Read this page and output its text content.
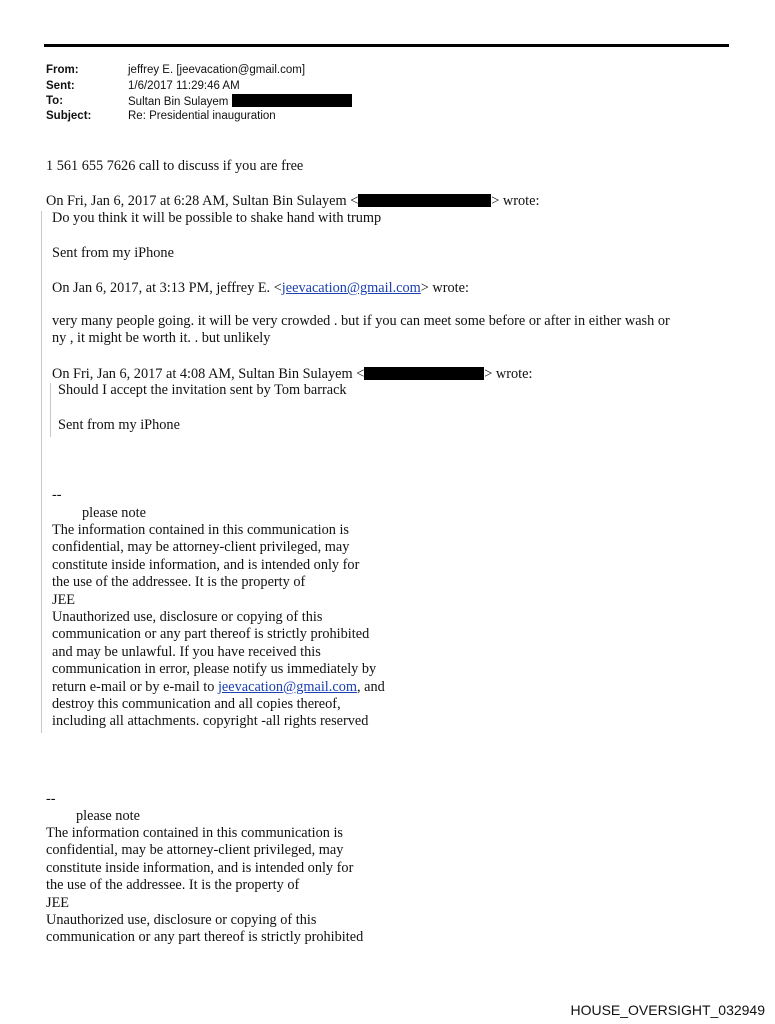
From:	jeffrey E. [jeevacation@gmail.com]
Sent:	1/6/2017 11:29:46 AM
To:	Sultan Bin Sulayem
Subject:	Re: Presidential inauguration
1 561 655 7626 call to discuss if you are free
On Fri, Jan 6, 2017 at 6:28 AM, Sultan Bin Sulayem <	> wrote:
Do you think it will be possible to shake hand with trump
Sent from my iPhone
On Jan 6, 2017, at 3:13 PM, jeffrey E. <jeevacation@gmail.com> wrote:
very many people going. it will be very crowded . but if you can meet some before or after in either wash or
ny , it might be worth it. . but unlikely
On Fri, Jan 6, 2017 at 4:08 AM, Sultan Bin Sulayem <	> wrote:
Should I accept the invitation sent by Tom barrack
Sent from my iPhone
--
please note
The information contained in this communication is
confidential, may be attorney-client privileged, may
constitute inside information, and is intended only for
the use of the addressee. It is the property of
JEE
Unauthorized use, disclosure or copying of this
communication or any part thereof is strictly prohibited
and may be unlawful. If you have received this
communication in error, please notify us immediately by
return e-mail or by e-mail to jeevacation@gmail.com, and
destroy this communication and all copies thereof,
including all attachments. copyright -all rights reserved
--
please note
The information contained in this communication is
confidential, may be attorney-client privileged, may
constitute inside information, and is intended only for
the use of the addressee. It is the property of
JEE
Unauthorized use, disclosure or copying of this
communication or any part thereof is strictly prohibited
HOUSE_OVERSIGHT_032949
